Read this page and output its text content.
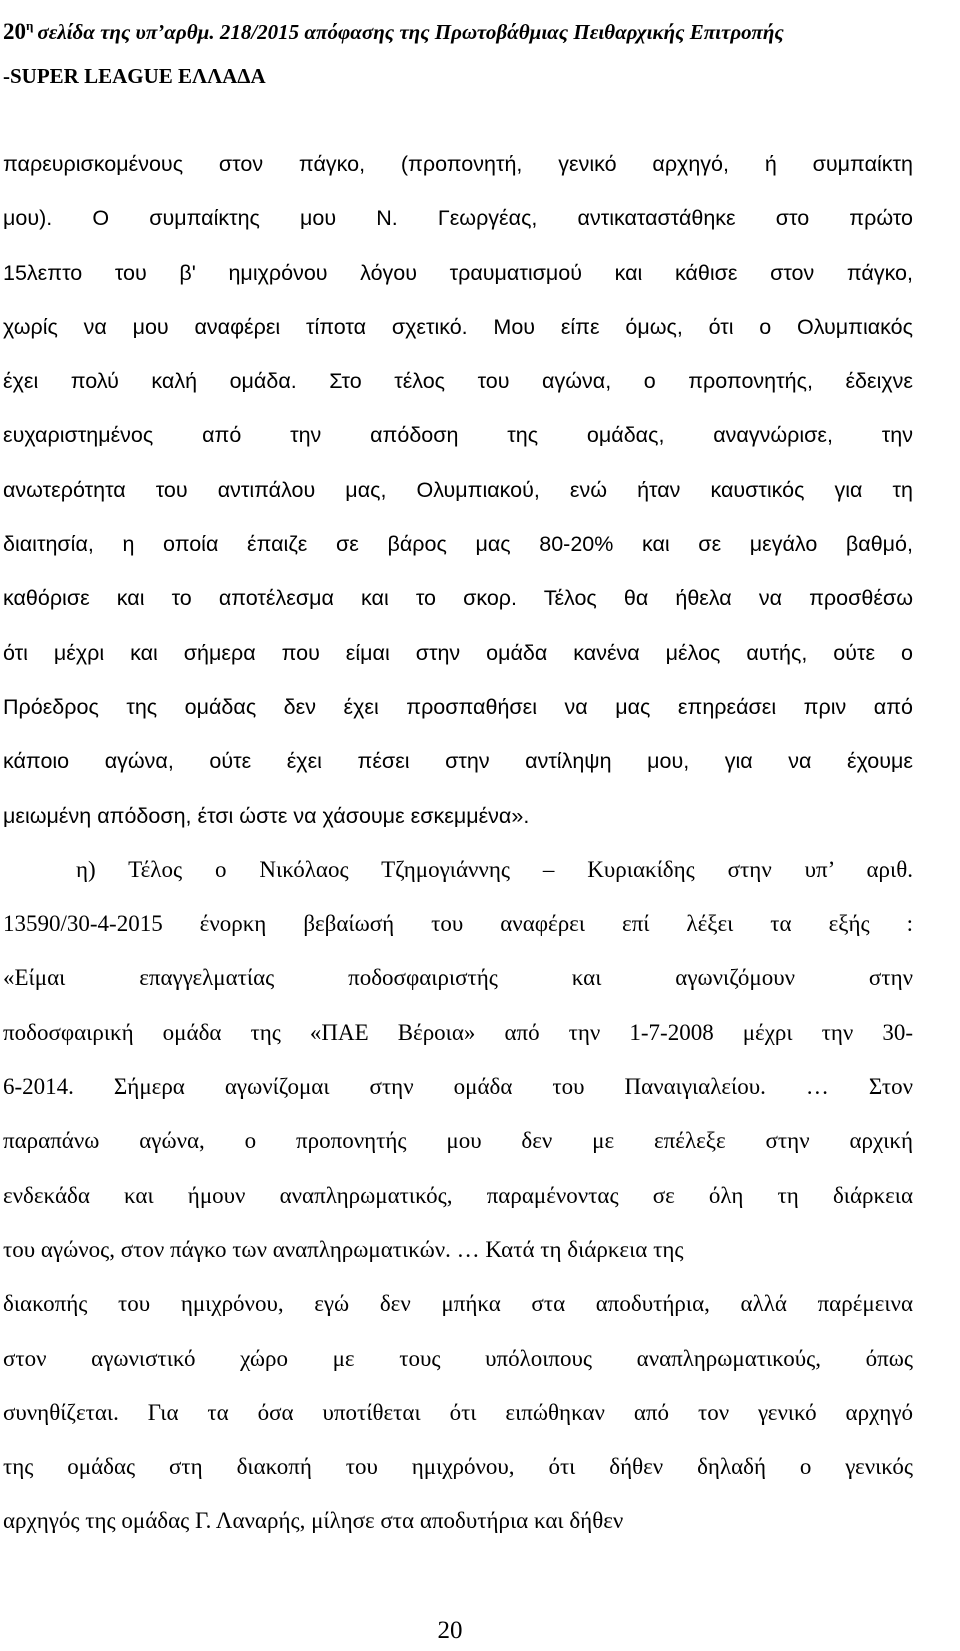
$20^\eta$ σελίδα της υπ’αρθμ. 218/2015 απόφασης της Πρωτοβάθμιας Πειθαρχικής Επιτροπής
-SUPER LEAGUE ΕΛΛΑΔΑ
παρευρισκομένους στον πάγκο, (προπονητή, γενικό αρχηγό, ή συμπαίκτη
μου). Ο συμπαίκτης μου Ν. Γεωργέας, αντικαταστάθηκε στο πρώτο
15λεπτο του β' ημιχρόνου λόγου τραυματισμού και κάθισε στον πάγκο,
χωρίς να μου αναφέρει τίποτα σχετικό. Μου είπε όμως, ότι ο Ολυμπιακός
έχει πολύ καλή ομάδα. Στο τέλος του αγώνα, ο προπονητής, έδειχνε
ευχαριστημένος από την απόδοση της ομάδας, αναγνώρισε, την
ανωτερότητα του αντιπάλου μας, Ολυμπιακού, ενώ ήταν καυστικός για τη
διαιτησία, η οποία έπαιζε σε βάρος μας 80-20% και σε μεγάλο βαθμό,
καθόρισε και το αποτέλεσμα και το σκορ. Τέλος θα ήθελα να προσθέσω
ότι μέχρι και σήμερα που είμαι στην ομάδα κανένα μέλος αυτής, ούτε ο
Πρόεδρος της ομάδας δεν έχει προσπαθήσει να μας επηρεάσει πριν από
κάποιο αγώνα, ούτε έχει πέσει στην αντίληψη μου, για να έχουμε
μειωμένη απόδοση, έτσι ώστε να χάσουμε εσκεμμένα».
η) Τέλος ο Νικόλαος Τζημογιάννης – Κυριακίδης στην υπ’ αριθ.
13590/30-4-2015 ένορκη βεβαίωσή του αναφέρει επί λέξει τα εξής :
«Είμαι επαγγελματίας ποδοσφαιριστής και αγωνιζόμουν στην
ποδοσφαιρική ομάδα της «ΠΑΕ Βέροια» από την 1-7-2008 μέχρι την 30-
6-2014. Σήμερα αγωνίζομαι στην ομάδα του Παναιγιαλείου. … Στον
παραπάνω αγώνα, ο προπονητής μου δεν με επέλεξε στην αρχική
ενδεκάδα και ήμουν αναπληρωματικός, παραμένοντας σε όλη τη διάρκεια
του αγώνος, στον πάγκο των αναπληρωματικών. … Κατά τη διάρκεια της
διακοπής του ημιχρόνου, εγώ δεν μπήκα στα αποδυτήρια, αλλά παρέμεινα
στον αγωνιστικό χώρο με τους υπόλοιπους αναπληρωματικούς, όπως
συνηθίζεται. Για τα όσα υποτίθεται ότι ειπώθηκαν από τον γενικό αρχηγό
της ομάδας στη διακοπή του ημιχρόνου, ότι δήθεν δηλαδή ο γενικός
αρχηγός της ομάδας Γ. Λαναρής, μίλησε στα αποδυτήρια και δήθεν
20
